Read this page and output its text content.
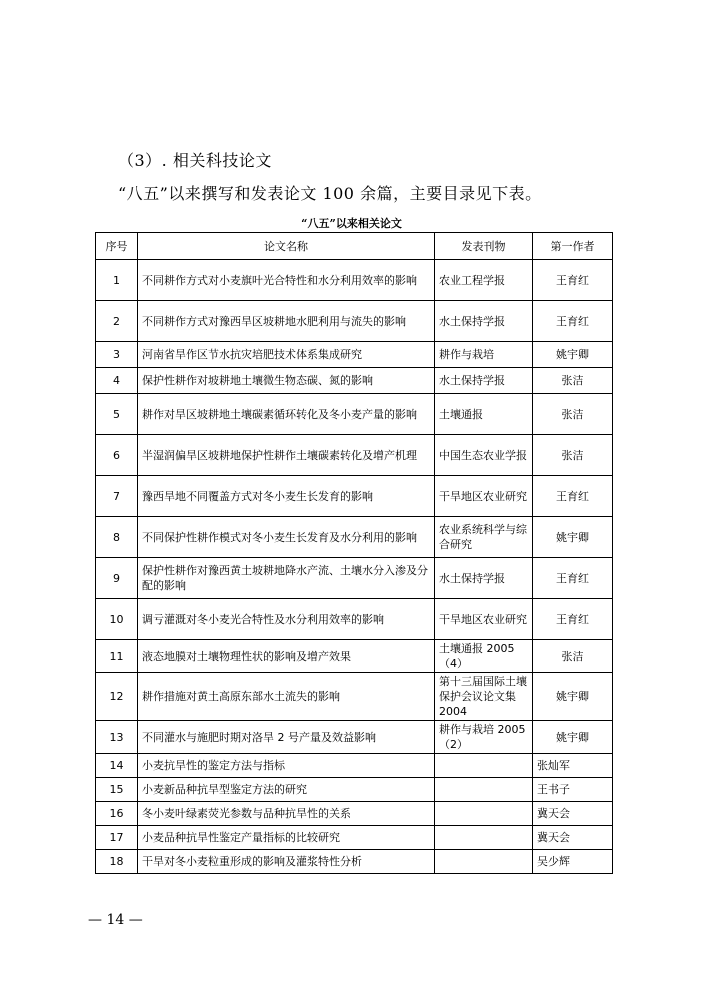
（3）. 相关科技论文
“八五”以来撰写和发表论文 100 余篇，主要目录见下表。
“八五”以来相关论文
序号	论文名称	发表刊物	第一作者
1	不同耕作方式对小麦旗叶光合特性和水分利用效率的影响	农业工程学报	王育红
2	不同耕作方式对豫西旱区坡耕地水肥利用与流失的影响	水土保持学报	王育红
3	河南省旱作区节水抗灾培肥技术体系集成研究	耕作与栽培	姚宇卿
4	保护性耕作对坡耕地土壤微生物态碳、氮的影响	水土保持学报	张洁
5	耕作对旱区坡耕地土壤碳素循环转化及冬小麦产量的影响	土壤通报	张洁
6	半湿润偏旱区坡耕地保护性耕作土壤碳素转化及增产机理	中国生态农业学报	张洁
7	豫西旱地不同覆盖方式对冬小麦生长发育的影响	干旱地区农业研究	王育红
8	不同保护性耕作模式对冬小麦生长发育及水分利用的影响	农业系统科学与综合研究	姚宇卿
9	保护性耕作对豫西黄土坡耕地降水产流、土壤水分入渗及分配的影响	水土保持学报	王育红
10	调亏灌溉对冬小麦光合特性及水分利用效率的影响	干旱地区农业研究	王育红
11	液态地膜对土壤物理性状的影响及增产效果	土壤通报 2005（4）	张洁
12	耕作措施对黄土高原东部水土流失的影响	第十三届国际土壤保护会议论文集 2004	姚宇卿
13	不同灌水与施肥时期对洛旱 2 号产量及效益影响	耕作与栽培 2005（2）	姚宇卿
14	小麦抗旱性的鉴定方法与指标		张灿军
15	小麦新品种抗旱型鉴定方法的研究		王书子
16	冬小麦叶绿素荧光参数与品种抗旱性的关系		冀天会
17	小麦品种抗旱性鉴定产量指标的比较研究		冀天会
18	干旱对冬小麦粒重形成的影响及灌浆特性分析		吴少辉
— 14 —
